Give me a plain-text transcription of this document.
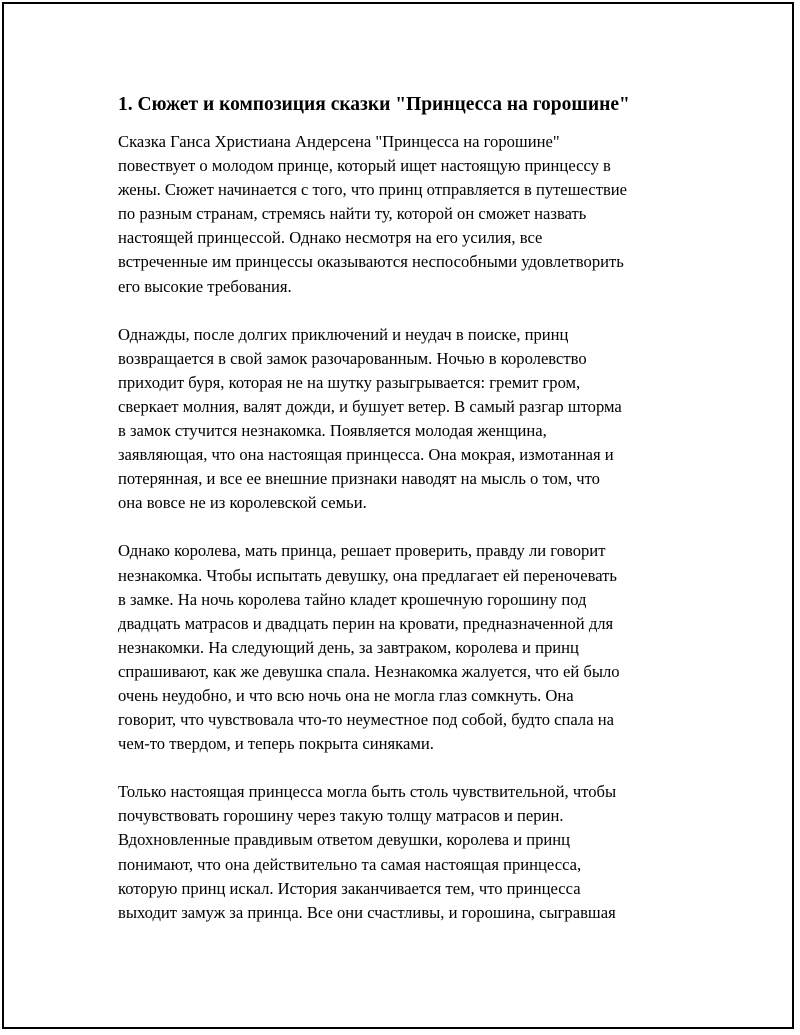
1. Сюжет и композиция сказки "Принцесса на горошине"
Сказка Ганса Христиана Андерсена "Принцесса на горошине"
повествует о молодом принце, который ищет настоящую принцессу в
жены. Сюжет начинается с того, что принц отправляется в путешествие
по разным странам, стремясь найти ту, которой он сможет назвать
настоящей принцессой. Однако несмотря на его усилия, все
встреченные им принцессы оказываются неспособными удовлетворить
его высокие требования.
Однажды, после долгих приключений и неудач в поиске, принц
возвращается в свой замок разочарованным. Ночью в королевство
приходит буря, которая не на шутку разыгрывается: гремит гром,
сверкает молния, валят дожди, и бушует ветер. В самый разгар шторма
в замок стучится незнакомка. Появляется молодая женщина,
заявляющая, что она настоящая принцесса. Она мокрая, измотанная и
потерянная, и все ее внешние признаки наводят на мысль о том, что
она вовсе не из королевской семьи.
Однако королева, мать принца, решает проверить, правду ли говорит
незнакомка. Чтобы испытать девушку, она предлагает ей переночевать
в замке. На ночь королева тайно кладет крошечную горошину под
двадцать матрасов и двадцать перин на кровати, предназначенной для
незнакомки. На следующий день, за завтраком, королева и принц
спрашивают, как же девушка спала. Незнакомка жалуется, что ей было
очень неудобно, и что всю ночь она не могла глаз сомкнуть. Она
говорит, что чувствовала что-то неуместное под собой, будто спала на
чем-то твердом, и теперь покрыта синяками.
Только настоящая принцесса могла быть столь чувствительной, чтобы
почувствовать горошину через такую толщу матрасов и перин.
Вдохновленные правдивым ответом девушки, королева и принц
понимают, что она действительно та самая настоящая принцесса,
которую принц искал. История заканчивается тем, что принцесса
выходит замуж за принца. Все они счастливы, и горошина, сыгравшая
